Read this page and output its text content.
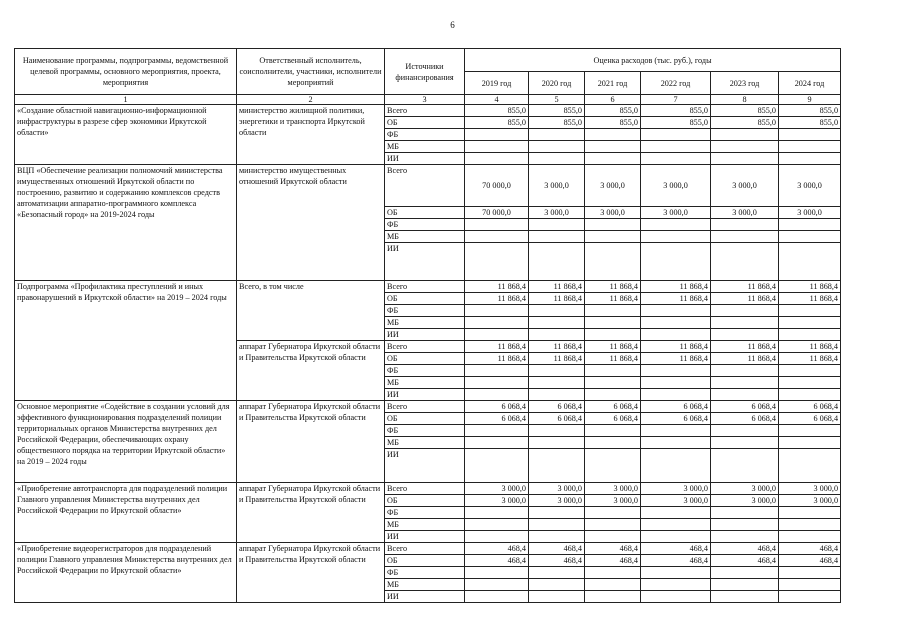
6
Наименование программы, подпрограммы, ведомственной целевой программы, основного мероприятия, проекта, мероприятия	Ответственный исполнитель, соисполнители, участники, исполнители мероприятий	Источники финансирования	Оценка расходов (тыс. руб.), годы					
			2019 год	2020 год	2021 год	2022 год	2023 год	2024 год
1	2	3	4	5	6	7	8	9
«Создание областной навигационно-информационной инфраструктуры в разрезе сфер экономики Иркутской области»	министерство жилищной политики, энергетики и транспорта Иркутской области	Всего	855,0	855,0	855,0	855,0	855,0	855,0
		ОБ	855,0	855,0	855,0	855,0	855,0	855,0
		ФБ						
		МБ						
		ИИ						
ВЦП «Обеспечение реализации полномочий министерства имущественных отношений Иркутской области по построению, развитию и содержанию комплексов средств автоматизации аппаратно-программного комплекса «Безопасный город» на 2019-2024 годы	министерство имущественных отношений Иркутской области	Всего	70 000,0	3 000,0	3 000,0	3 000,0	3 000,0	3 000,0
		ОБ	70 000,0	3 000,0	3 000,0	3 000,0	3 000,0	3 000,0
		ФБ						
		МБ						
		ИИ						
Подпрограмма «Профилактика преступлений и иных правонарушений в Иркутской области» на 2019 – 2024 годы	Всего, в том числе	Всего	11 868,4	11 868,4	11 868,4	11 868,4	11 868,4	11 868,4
		ОБ	11 868,4	11 868,4	11 868,4	11 868,4	11 868,4	11 868,4
		ФБ						
		МБ						
		ИИ						
	аппарат Губернатора Иркутской области и Правительства Иркутской области	Всего	11 868,4	11 868,4	11 868,4	11 868,4	11 868,4	11 868,4
		ОБ	11 868,4	11 868,4	11 868,4	11 868,4	11 868,4	11 868,4
		ФБ						
		МБ						
		ИИ						
Основное мероприятие «Содействие в создании условий для эффективного функционирования подразделений полиции территориальных органов Министерства внутренних дел Российской Федерации, обеспечивающих охрану общественного порядка на территории Иркутской области» на 2019 – 2024 годы	аппарат Губернатора Иркутской области и Правительства Иркутской области	Всего	6 068,4	6 068,4	6 068,4	6 068,4	6 068,4	6 068,4
		ОБ	6 068,4	6 068,4	6 068,4	6 068,4	6 068,4	6 068,4
		ФБ						
		МБ						
		ИИ						
«Приобретение автотранспорта для подразделений полиции Главного управления Министерства внутренних дел Российской Федерации по Иркутской области»	аппарат Губернатора Иркутской области и Правительства Иркутской области	Всего	3 000,0	3 000,0	3 000,0	3 000,0	3 000,0	3 000,0
		ОБ	3 000,0	3 000,0	3 000,0	3 000,0	3 000,0	3 000,0
		ФБ						
		МБ						
		ИИ						
«Приобретение видеорегистраторов для подразделений полиции Главного управления Министерства внутренних дел Российской Федерации по Иркутской области»	аппарат Губернатора Иркутской области и Правительства Иркутской области	Всего	468,4	468,4	468,4	468,4	468,4	468,4
		ОБ	468,4	468,4	468,4	468,4	468,4	468,4
		ФБ						
		МБ						
		ИИ						
